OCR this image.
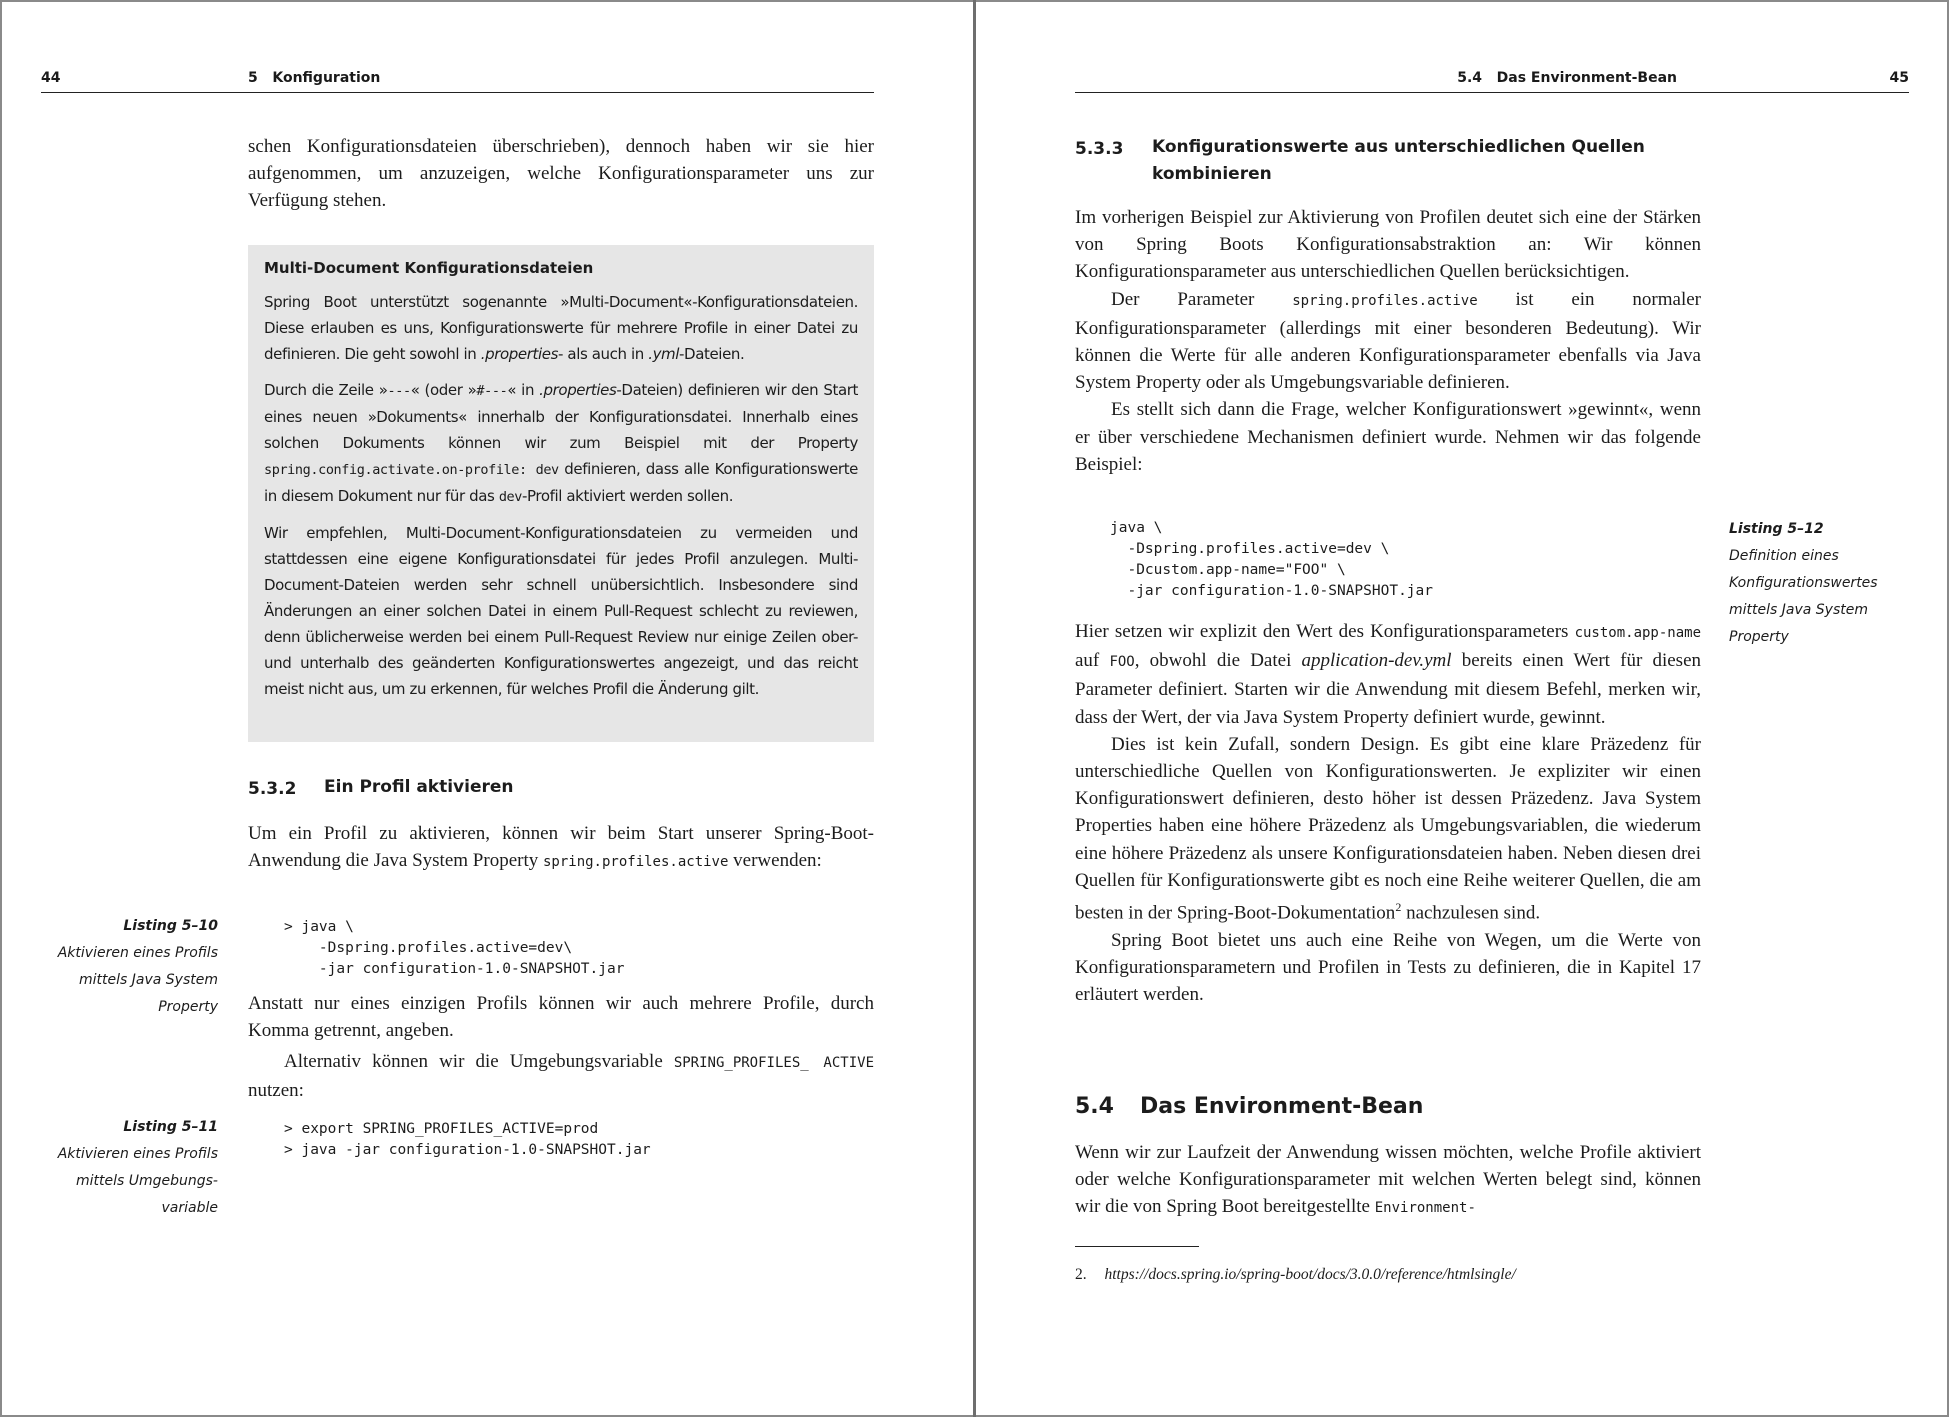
44	5   Konfiguration

schen Konfigurationsdateien überschrieben), dennoch haben wir sie hier aufgenommen, um anzuzeigen, welche Konfigurationsparameter uns zur Verfügung stehen.

Multi-Document Konfigurationsdateien

Spring Boot unterstützt sogenannte »Multi-Document«-Konfigurationsdateien. Diese erlauben es uns, Konfigurationswerte für mehrere Profile in einer Datei zu definieren. Die geht sowohl in .properties- als auch in .yml-Dateien.

Durch die Zeile »---« (oder »#---« in .properties-Dateien) definieren wir den Start eines neuen »Dokuments« innerhalb der Konfigurationsdatei. Innerhalb eines solchen Dokuments können wir zum Beispiel mit der Property spring.config.activate.on-profile: dev definieren, dass alle Konfigurationswerte in diesem Dokument nur für das dev-Profil aktiviert werden sollen.

Wir empfehlen, Multi-Document-Konfigurationsdateien zu vermeiden und stattdessen eine eigene Konfigurationsdatei für jedes Profil anzulegen. Multi-Document-Dateien werden sehr schnell unübersichtlich. Insbesondere sind Änderungen an einer solchen Datei in einem Pull-Request schlecht zu reviewen, denn üblicherweise werden bei einem Pull-Request Review nur einige Zeilen ober- und unterhalb des geänderten Konfigurationswertes angezeigt, und das reicht meist nicht aus, um zu erkennen, für welches Profil die Änderung gilt.

5.3.2 Ein Profil aktivieren

Um ein Profil zu aktivieren, können wir beim Start unserer Spring-Boot-Anwendung die Java System Property spring.profiles.active verwenden:

Listing 5–10
Aktivieren eines Profils mittels Java System Property
> java \
-Dspring.profiles.active=dev\
-jar configuration-1.0-SNAPSHOT.jar

Anstatt nur eines einzigen Profils können wir auch mehrere Profile, durch Komma getrennt, angeben.

Alternativ können wir die Umgebungsvariable SPRING_PROFILES_ ACTIVE nutzen:

Listing 5–11
Aktivieren eines Profils mittels Umgebungs-variable
> export SPRING_PROFILES_ACTIVE=prod
> java -jar configuration-1.0-SNAPSHOT.jar
5.4   Das Environment-Bean	45
5.3.3 Konfigurationswerte aus unterschiedlichen Quellen kombinieren

Im vorherigen Beispiel zur Aktivierung von Profilen deutet sich eine der Stärken von Spring Boots Konfigurationsabstraktion an: Wir können Konfigurationsparameter aus unterschiedlichen Quellen berücksichtigen.

Der Parameter spring.profiles.active ist ein normaler Konfigurationsparameter (allerdings mit einer besonderen Bedeutung). Wir können die Werte für alle anderen Konfigurationsparameter ebenfalls via Java System Property oder als Umgebungsvariable definieren.

Es stellt sich dann die Frage, welcher Konfigurationswert »gewinnt«, wenn er über verschiedene Mechanismen definiert wurde. Nehmen wir das folgende Beispiel:

java \
-Dspring.profiles.active=dev \
-Dcustom.app-name="FOO" \
-jar configuration-1.0-SNAPSHOT.jar
Listing 5–12
Definition eines Konfigurationswertes mittels Java System Property

Hier setzen wir explizit den Wert des Konfigurationsparameters custom.app-name auf FOO, obwohl die Datei application-dev.yml bereits einen Wert für diesen Parameter definiert. Starten wir die Anwendung mit diesem Befehl, merken wir, dass der Wert, der via Java System Property definiert wurde, gewinnt.

Dies ist kein Zufall, sondern Design. Es gibt eine klare Präzedenz für unterschiedliche Quellen von Konfigurationswerten. Je expliziter wir einen Konfigurationswert definieren, desto höher ist dessen Präzedenz. Java System Properties haben eine höhere Präzedenz als Umgebungsvariablen, die wiederum eine höhere Präzedenz als unsere Konfigurationsdateien haben. Neben diesen drei Quellen für Konfigurationswerte gibt es noch eine Reihe weiterer Quellen, die am besten in der Spring-Boot-Dokumentation$^2$ nachzulesen sind.

Spring Boot bietet uns auch eine Reihe von Wegen, um die Werte von Konfigurationsparametern und Profilen in Tests zu definieren, die in Kapitel 17 erläutert werden.

5.4 Das Environment-Bean

Wenn wir zur Laufzeit der Anwendung wissen möchten, welche Profile aktiviert oder welche Konfigurationsparameter mit welchen Werten belegt sind, können wir die von Spring Boot bereitgestellte Environment-

2. https://docs.spring.io/spring-boot/docs/3.0.0/reference/htmlsingle/
